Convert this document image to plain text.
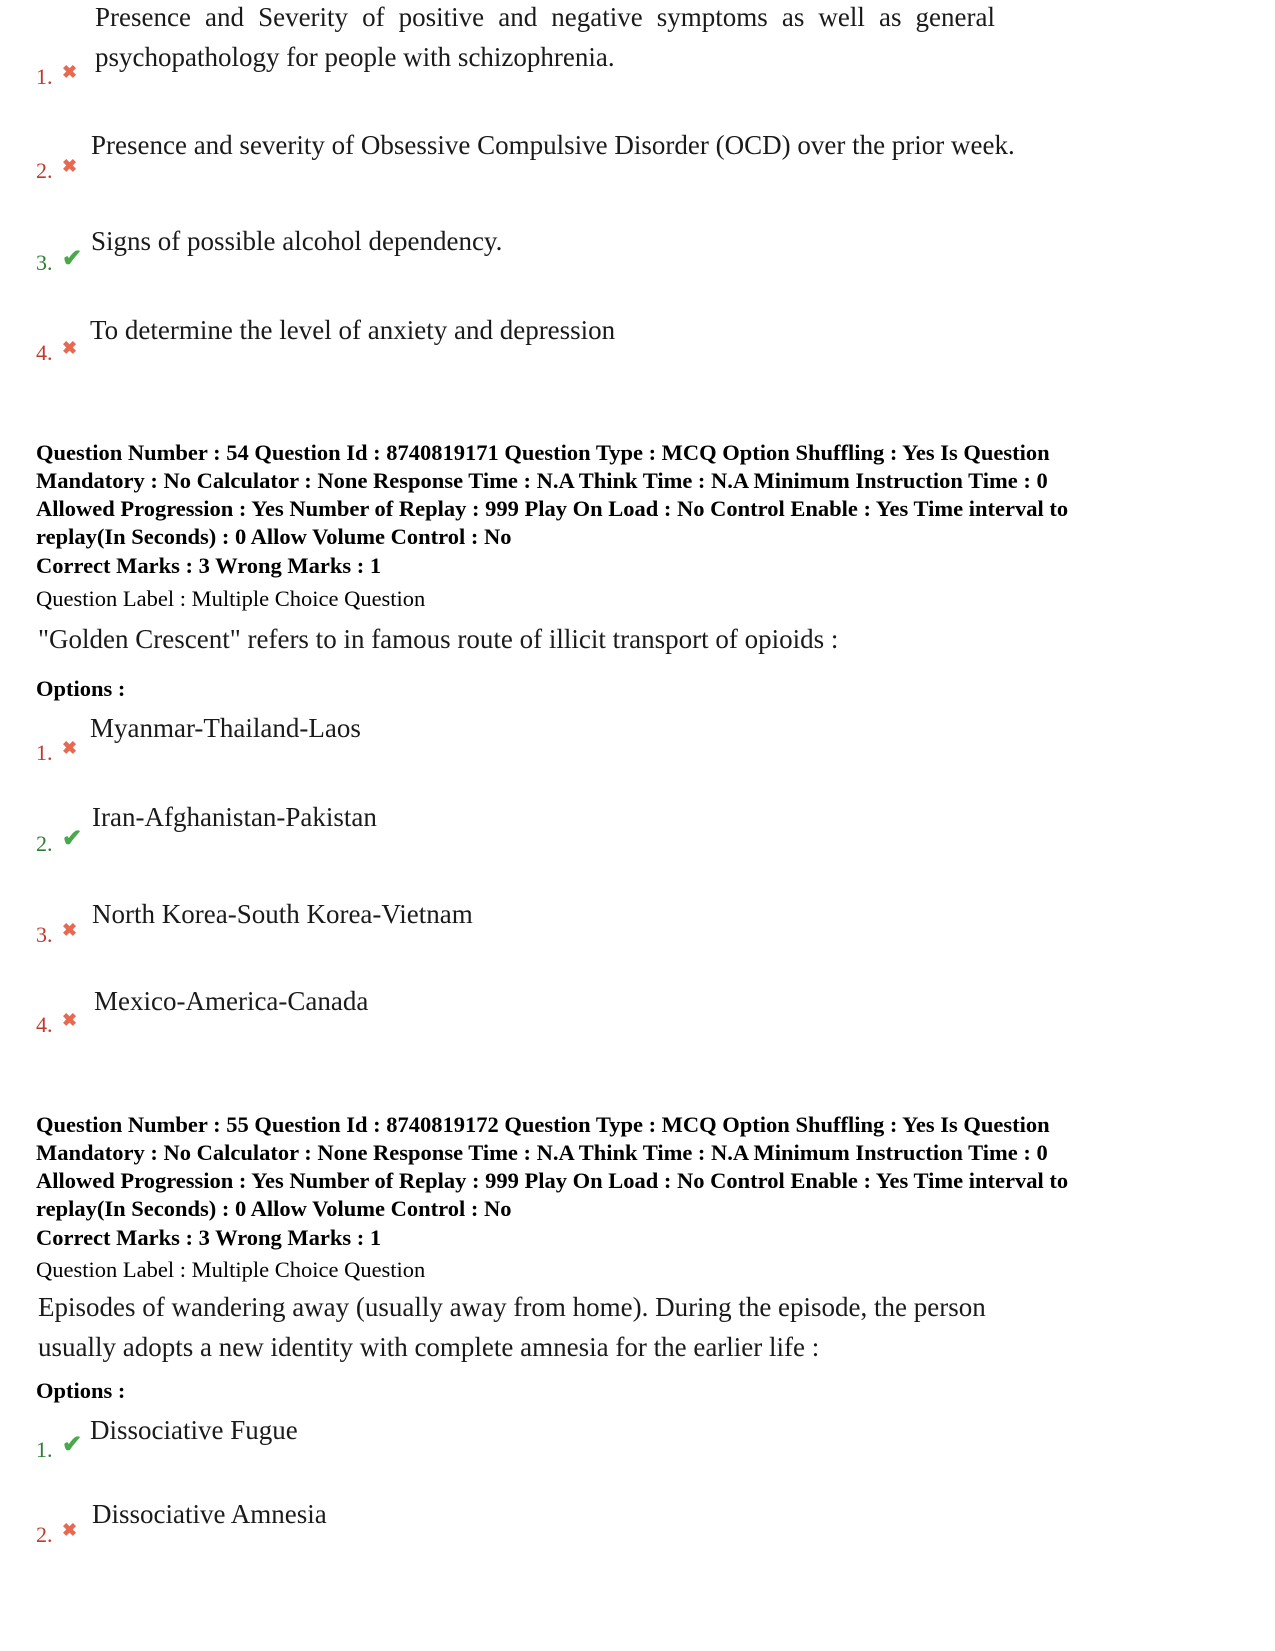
Presence and Severity of positive and negative symptoms as well as general
psychopathology for people with schizophrenia.
1. ✖
Presence and severity of Obsessive Compulsive Disorder (OCD) over the prior week.
2. ✖
Signs of possible alcohol dependency.
3. ✔
To determine the level of anxiety and depression
4. ✖
Question Number : 54 Question Id : 8740819171 Question Type : MCQ Option Shuffling : Yes Is Question
Mandatory : No Calculator : None Response Time : N.A Think Time : N.A Minimum Instruction Time : 0
Allowed Progression : Yes Number of Replay : 999 Play On Load : No Control Enable : Yes Time interval to
replay(In Seconds) : 0 Allow Volume Control : No
Correct Marks : 3 Wrong Marks : 1
Question Label : Multiple Choice Question
"Golden Crescent" refers to in famous route of illicit transport of opioids :
Options :
Myanmar-Thailand-Laos
1. ✖
Iran-Afghanistan-Pakistan
2. ✔
North Korea-South Korea-Vietnam
3. ✖
Mexico-America-Canada
4. ✖
Question Number : 55 Question Id : 8740819172 Question Type : MCQ Option Shuffling : Yes Is Question
Mandatory : No Calculator : None Response Time : N.A Think Time : N.A Minimum Instruction Time : 0
Allowed Progression : Yes Number of Replay : 999 Play On Load : No Control Enable : Yes Time interval to
replay(In Seconds) : 0 Allow Volume Control : No
Correct Marks : 3 Wrong Marks : 1
Question Label : Multiple Choice Question
Episodes of wandering away (usually away from home). During the episode, the person
usually adopts a new identity with complete amnesia for the earlier life :
Options :
Dissociative Fugue
1. ✔
Dissociative Amnesia
2. ✖
